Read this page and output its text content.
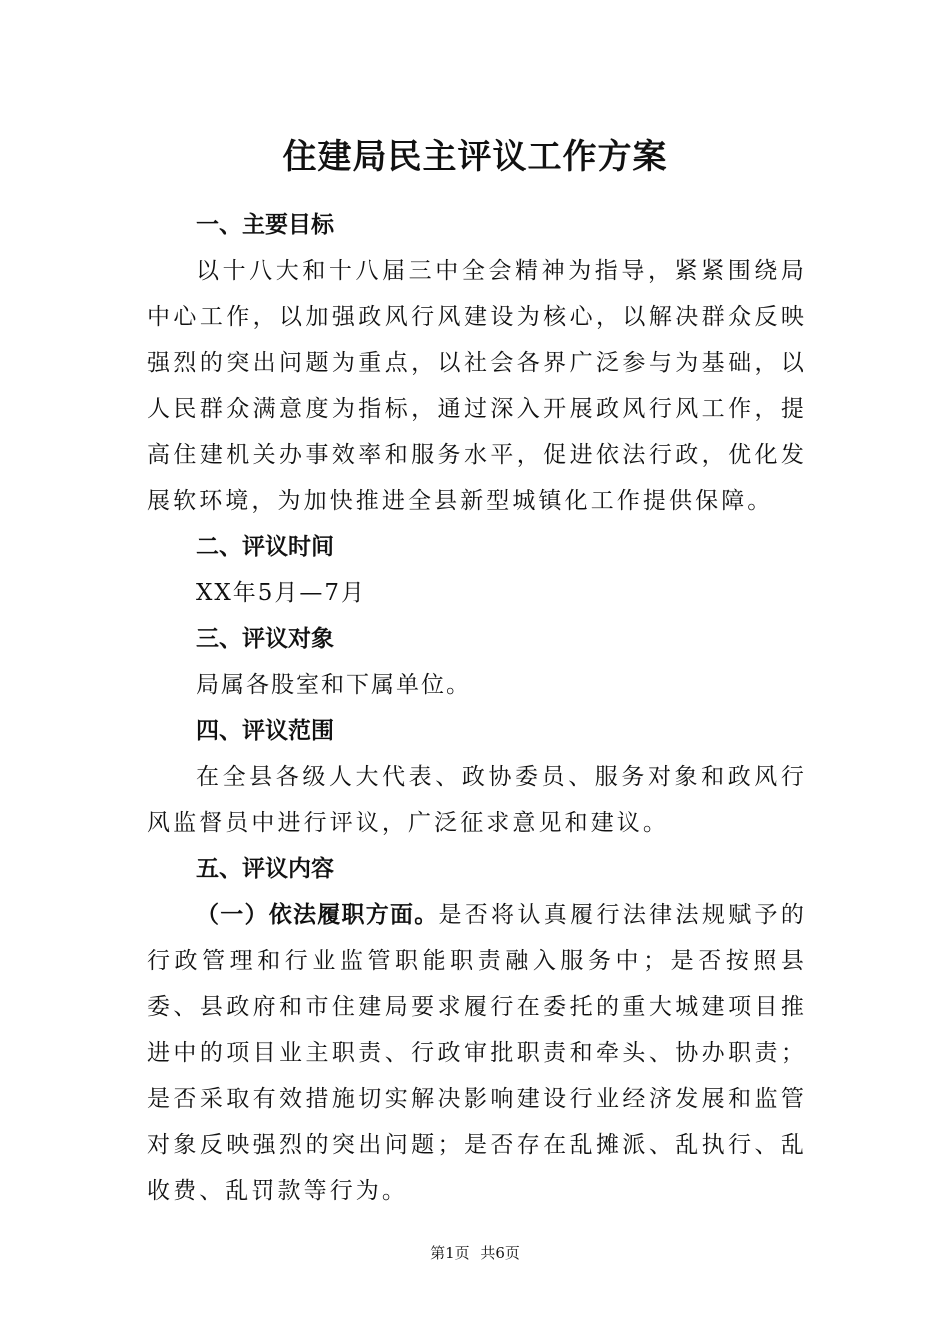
住建局民主评议工作方案
一、主要目标

以十八大和十八届三中全会精神为指导，紧紧围绕局中心工作，以加强政风行风建设为核心，以解决群众反映强烈的突出问题为重点，以社会各界广泛参与为基础，以人民群众满意度为指标，通过深入开展政风行风工作，提高住建机关办事效率和服务水平，促进依法行政，优化发展软环境，为加快推进全县新型城镇化工作提供保障。

二、评议时间

XX年5月—7月

三、评议对象

局属各股室和下属单位。

四、评议范围

在全县各级人大代表、政协委员、服务对象和政风行风监督员中进行评议，广泛征求意见和建议。

五、评议内容

（一）依法履职方面。是否将认真履行法律法规赋予的行政管理和行业监管职能职责融入服务中；是否按照县委、县政府和市住建局要求履行在委托的重大城建项目推进中的项目业主职责、行政审批职责和牵头、协办职责；是否采取有效措施切实解决影响建设行业经济发展和监管对象反映强烈的突出问题；是否存在乱摊派、乱执行、乱收费、乱罚款等行为。

第1页 共6页
